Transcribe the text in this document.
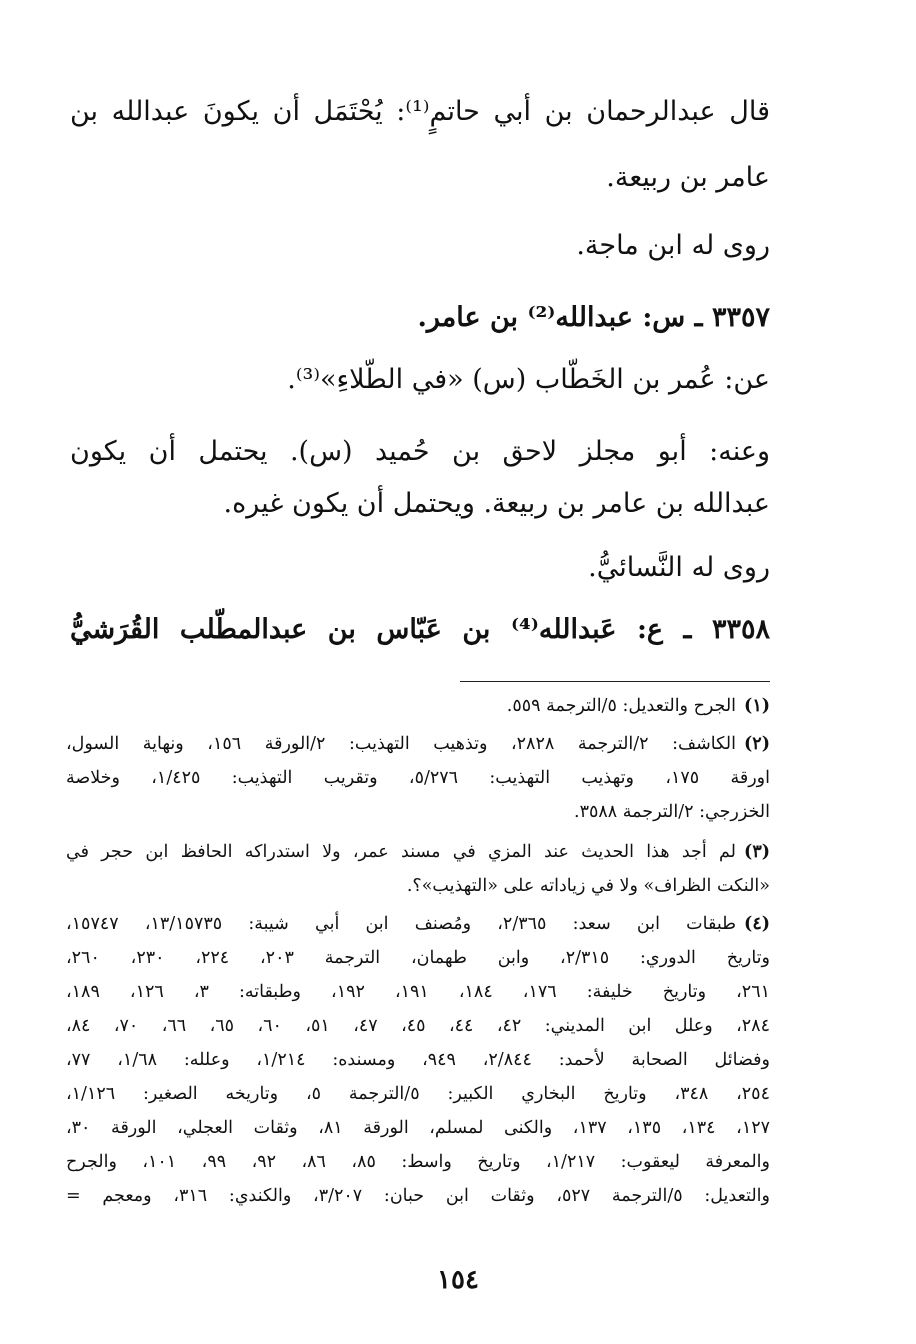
قال عبدالرحمان بن أبي حاتمٍ⁽¹⁾: يُحْتَمَل أن يكونَ عبدالله بن
عامر بن ربيعة.
روى له ابن ماجة.
٣٣٥٧ ـ س: عبدالله⁽²⁾ بن عامر.
عن: عُمر بن الخَطّاب (س) «في الطّلاءِ»⁽³⁾.
وعنه: أبو مجلز لاحق بن حُميد (س). يحتمل أن يكون
عبدالله بن عامر بن ربيعة. ويحتمل أن يكون غيره.
روى له النَّسائيُّ.
٣٣٥٨ ـ ع: عَبدالله⁽⁴⁾ بن عَبّاس بن عبدالمطّلب القُرَشيُّ
(١)الجرح والتعديل: ٥/الترجمة ٥٥٩.
(٢)الكاشف: ٢/الترجمة ٢٨٢٨، وتذهيب التهذيب: ٢/الورقة ١٥٦، ونهاية السول،
اورقة ١٧٥، وتهذيب التهذيب: ٥/٢٧٦، وتقريب التهذيب: ١/٤٢٥، وخلاصة
الخزرجي: ٢/الترجمة ٣٥٨٨.
(٣)لم أجد هذا الحديث عند المزي في مسند عمر، ولا استدراكه الحافظ ابن حجر في
«النكت الظراف» ولا في زياداته على «التهذيب»؟.
(٤)طبقات ابن سعد: ٢/٣٦٥، ومُصنف ابن أبي شيبة: ١٣/١٥٧٣٥، ١٥٧٤٧،
وتاريخ الدوري: ٢/٣١٥، وابن طهمان، الترجمة ٢٠٣، ٢٢٤، ٢٣٠، ٢٦٠،
٢٦١، وتاريخ خليفة: ١٧٦، ١٨٤، ١٩١، ١٩٢، وطبقاته: ٣، ١٢٦، ١٨٩،
٢٨٤، وعلل ابن المديني: ٤٢، ٤٤، ٤٥، ٤٧، ٥١، ٦٠، ٦٥، ٦٦، ٧٠، ٨٤،
وفضائل الصحابة لأحمد: ٢/٨٤٤، ٩٤٩، ومسنده: ١/٢١٤، وعلله: ١/٦٨، ٧٧،
٢٥٤، ٣٤٨، وتاريخ البخاري الكبير: ٥/الترجمة ٥، وتاريخه الصغير: ١/١٢٦،
١٢٧، ١٣٤، ١٣٥، ١٣٧، والكنى لمسلم، الورقة ٨١، وثقات العجلي، الورقة ٣٠،
والمعرفة ليعقوب: ١/٢١٧، وتاريخ واسط: ٨٥، ٨٦، ٩٢، ٩٩، ١٠١، والجرح
والتعديل: ٥/الترجمة ٥٢٧، وثقات ابن حبان: ٣/٢٠٧، والكندي: ٣١٦، ومعجم =
١٥٤
